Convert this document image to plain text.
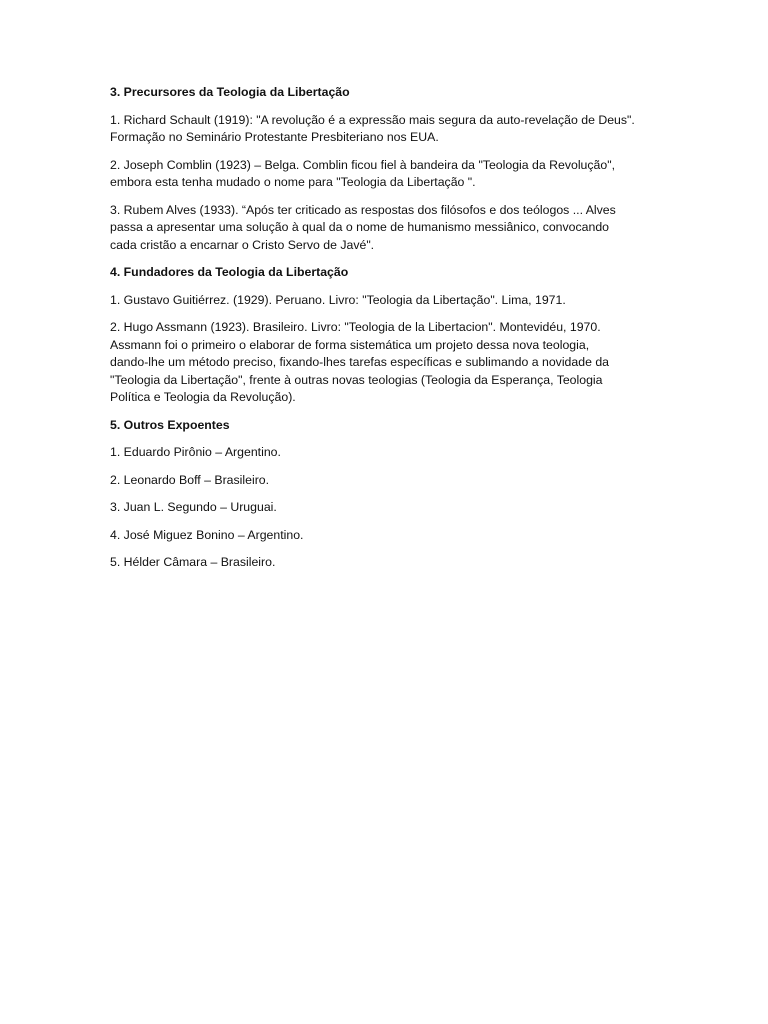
3. Precursores da Teologia da Libertação

1. Richard Schault (1919): "A revolução é a expressão mais segura da auto-revelação de Deus".
Formação no Seminário Protestante Presbiteriano nos EUA.

2. Joseph Comblin (1923) – Belga. Comblin ficou fiel à bandeira da "Teologia da Revolução",
embora esta tenha mudado o nome para "Teologia da Libertação ".

3. Rubem Alves (1933). “Após ter criticado as respostas dos filósofos e dos teólogos ... Alves
passa a apresentar uma solução à qual da o nome de humanismo messiânico, convocando
cada cristão a encarnar o Cristo Servo de Javé".

4. Fundadores da Teologia da Libertação

1. Gustavo Guitiérrez. (1929). Peruano. Livro: "Teologia da Libertação". Lima, 1971.

2. Hugo Assmann (1923). Brasileiro. Livro: "Teologia de la Libertacion". Montevidéu, 1970.
Assmann foi o primeiro o elaborar de forma sistemática um projeto dessa nova teologia,
dando-lhe um método preciso, fixando-lhes tarefas específicas e sublimando a novidade da
"Teologia da Libertação", frente à outras novas teologias (Teologia da Esperança, Teologia
Política e Teologia da Revolução).

5. Outros Expoentes

1. Eduardo Pirônio – Argentino.

2. Leonardo Boff – Brasileiro.

3. Juan L. Segundo – Uruguai.

4. José Miguez Bonino – Argentino.

5. Hélder Câmara – Brasileiro.
